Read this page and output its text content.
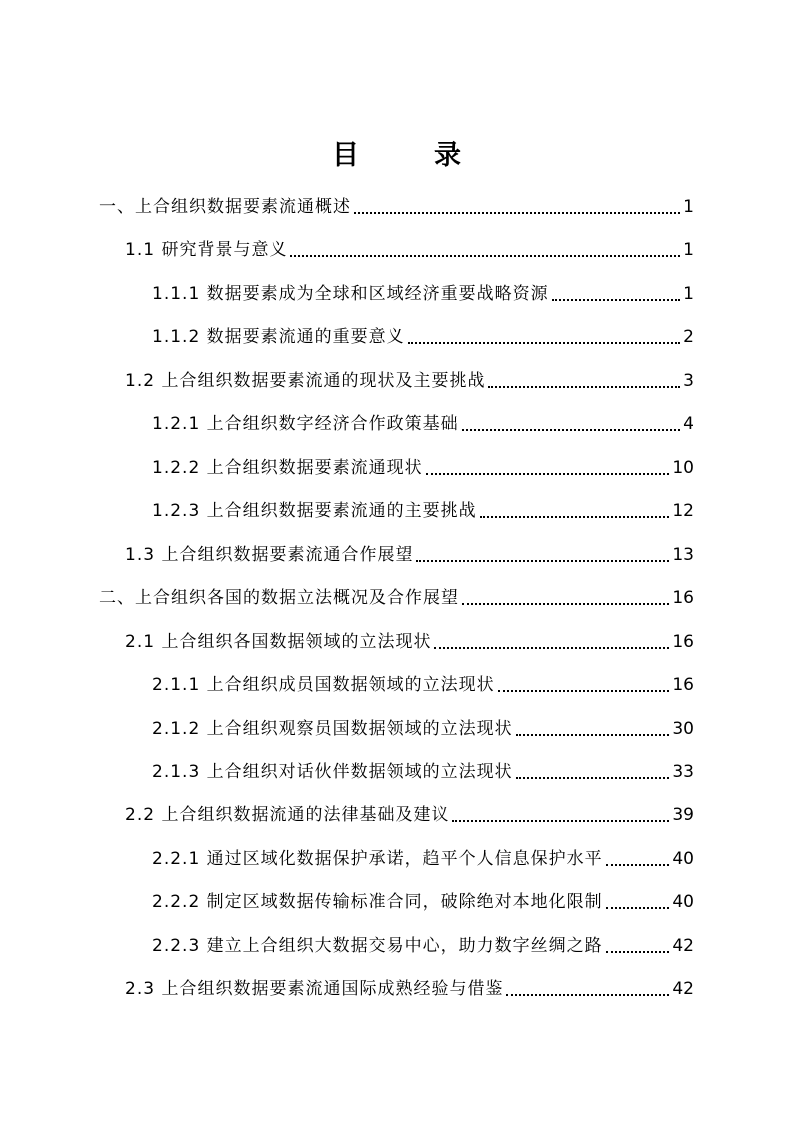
目　录
一、上合组织数据要素流通概述	1
1.1 研究背景与意义	1
1.1.1 数据要素成为全球和区域经济重要战略资源	1
1.1.2 数据要素流通的重要意义	2
1.2 上合组织数据要素流通的现状及主要挑战	3
1.2.1 上合组织数字经济合作政策基础	4
1.2.2 上合组织数据要素流通现状	10
1.2.3 上合组织数据要素流通的主要挑战	12
1.3 上合组织数据要素流通合作展望	13
二、上合组织各国的数据立法概况及合作展望	16
2.1 上合组织各国数据领域的立法现状	16
2.1.1 上合组织成员国数据领域的立法现状	16
2.1.2 上合组织观察员国数据领域的立法现状	30
2.1.3 上合组织对话伙伴数据领域的立法现状	33
2.2 上合组织数据流通的法律基础及建议	39
2.2.1 通过区域化数据保护承诺，趋平个人信息保护水平	40
2.2.2 制定区域数据传输标准合同，破除绝对本地化限制	40
2.2.3 建立上合组织大数据交易中心，助力数字丝绸之路	42
2.3 上合组织数据要素流通国际成熟经验与借鉴	42
